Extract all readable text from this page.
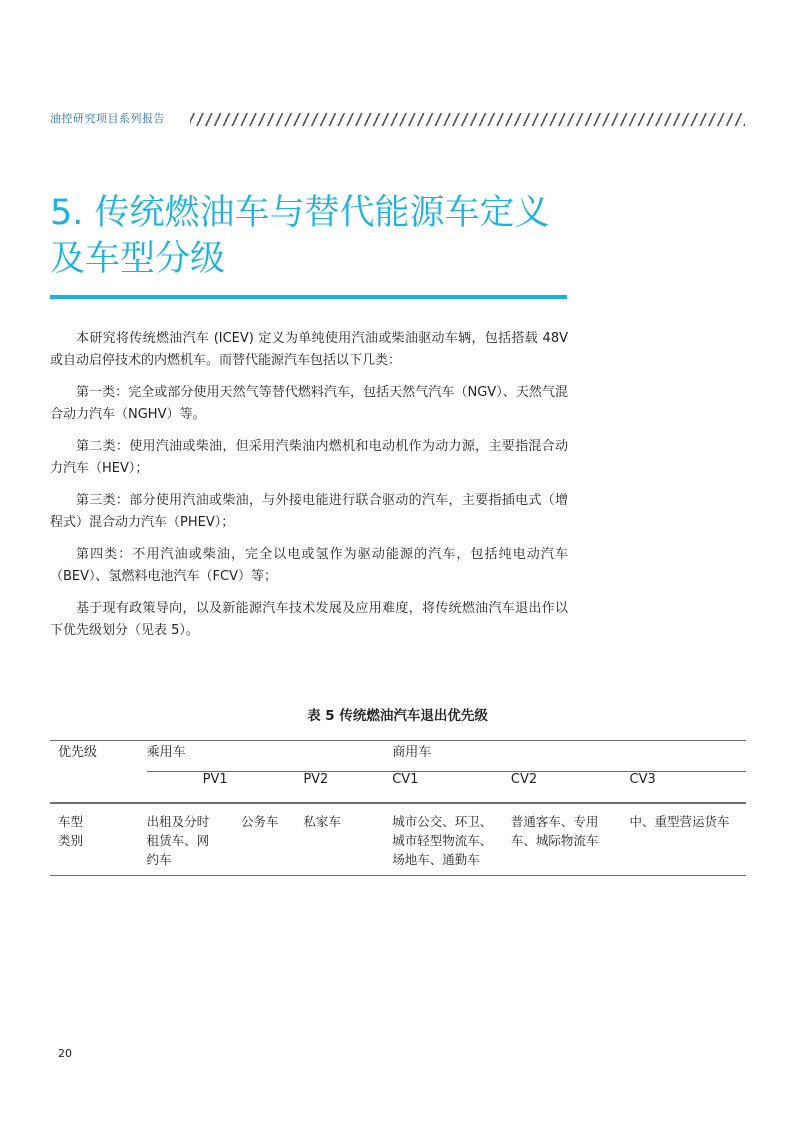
油控研究项目系列报告
5. 传统燃油车与替代能源车定义
及车型分级

本研究将传统燃油汽车 (ICEV) 定义为单纯使用汽油或柴油驱动车辆，包括搭载 48V 或自动启停技术的内燃机车。而替代能源汽车包括以下几类：

第一类：完全或部分使用天然气等替代燃料汽车，包括天然气汽车（NGV）、天然气混合动力汽车（NGHV）等。

第二类：使用汽油或柴油，但采用汽柴油内燃机和电动机作为动力源，主要指混合动力汽车（HEV）；

第三类：部分使用汽油或柴油，与外接电能进行联合驱动的汽车，主要指插电式（增程式）混合动力汽车（PHEV）；

第四类：不用汽油或柴油，完全以电或氢作为驱动能源的汽车，包括纯电动汽车（BEV）、氢燃料电池汽车（FCV）等；

基于现有政策导向，以及新能源汽车技术发展及应用难度，将传统燃油汽车退出作以下优先级划分（见表 5）。

表 5 传统燃油汽车退出优先级
优先级	乘用车			商用车		
	PV1		PV2	CV1	CV2	CV3
车型
类别	出租及分时租赁车、网约车	公务车	私家车	城市公交、环卫、城市轻型物流车、场地车、通勤车	普通客车、专用车、城际物流车	中、重型营运货车
20
